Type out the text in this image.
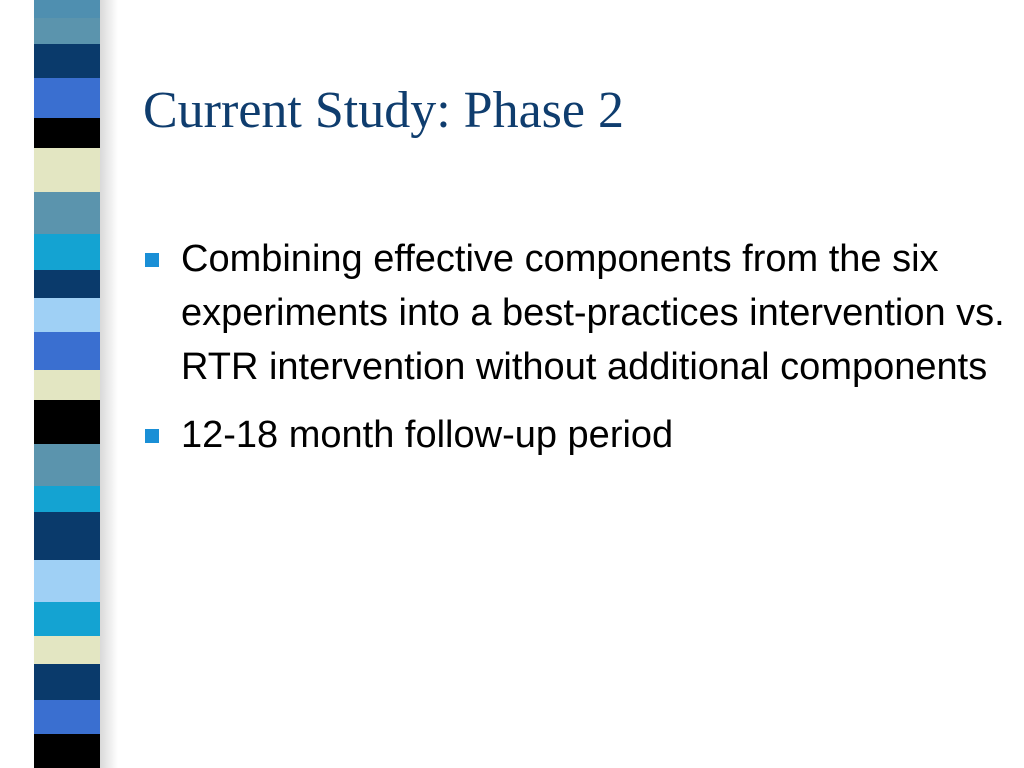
Current Study: Phase 2
Combining effective components from the six experiments into a best-practices intervention vs. RTR intervention without additional components
12-18 month follow-up period
